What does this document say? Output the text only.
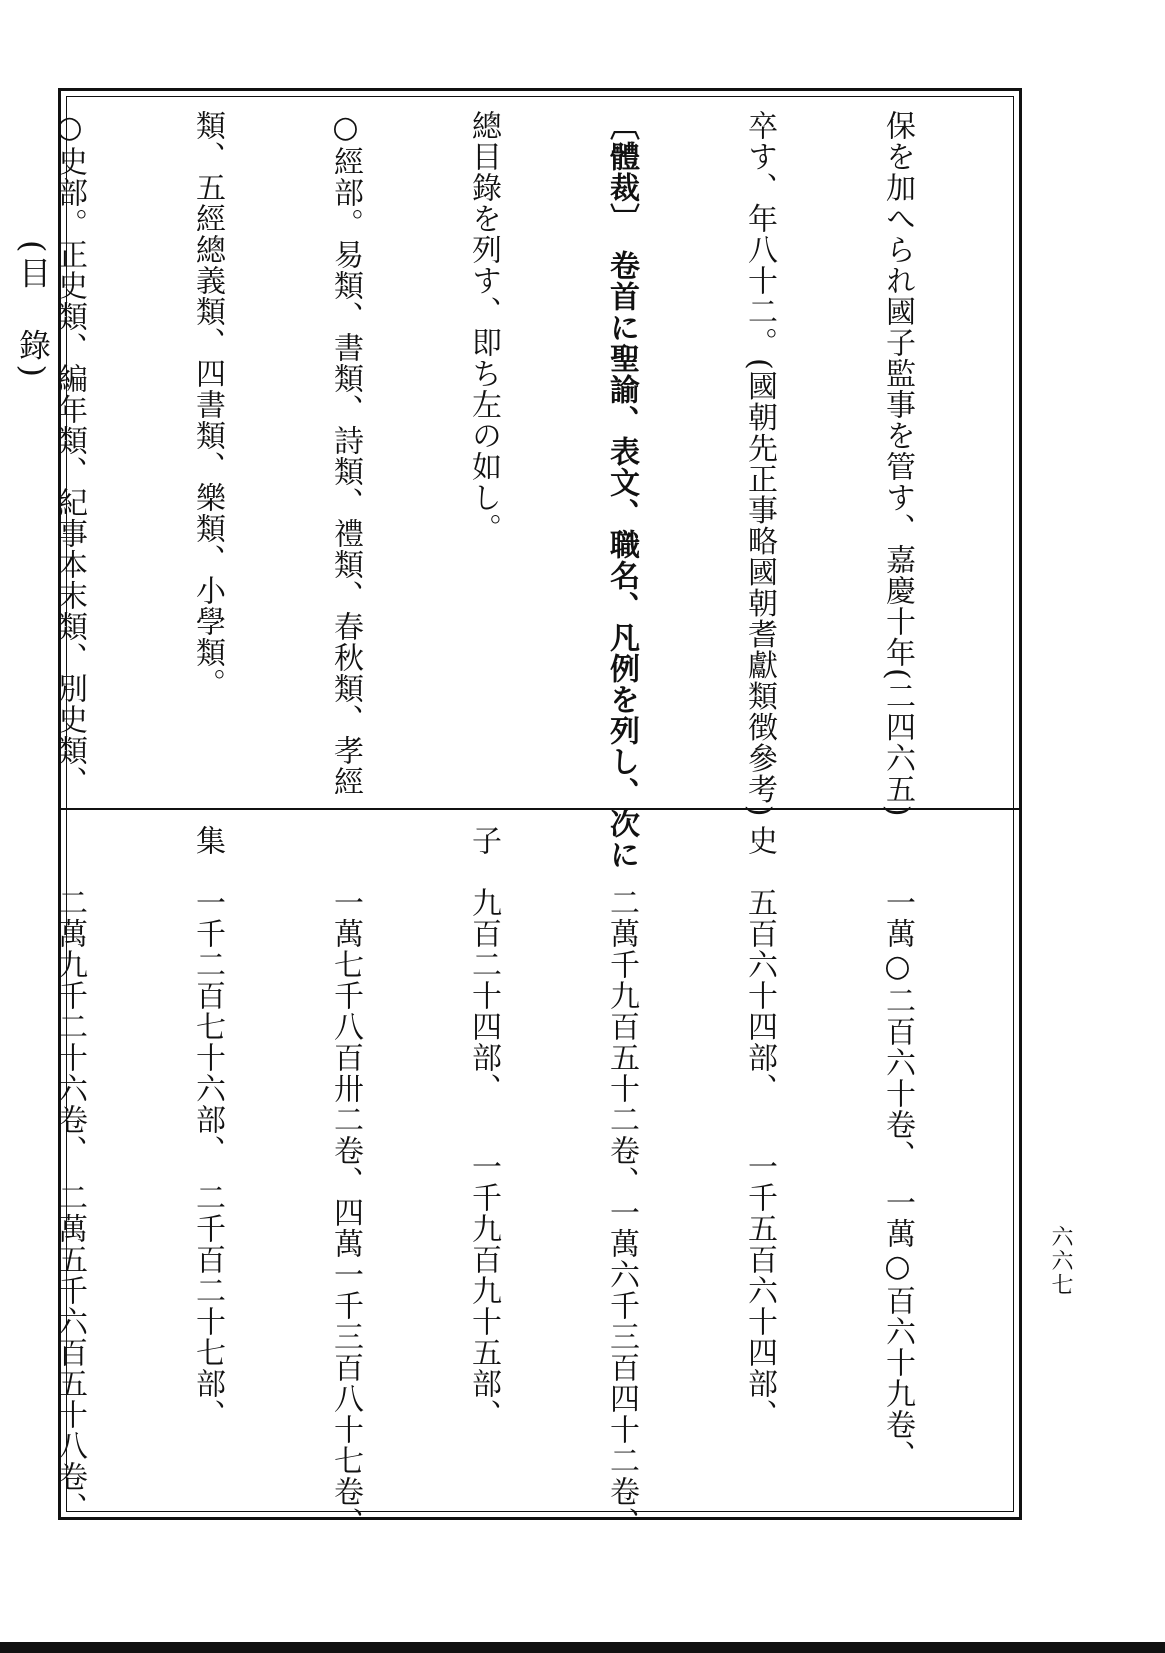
(目　錄)
六六七

保を加へられ國子監事を管す、嘉慶十年(二四六五)

卒す、年八十二。(國朝先正事略國朝耆獻類徴參考)

〔體裁〕　卷首に聖諭、表文、職名、凡例を列し、次に

總目錄を列す、即ち左の如し。

○經部。易類、書類、詩類、禮類、春秋類、孝經

類、五經總義類、四書類、樂類、小學類。

○史部。正史類、編年類、紀事本末類、別史類、

　　一萬○二百六十卷、　一萬○百六十九卷、

史　五百六十四部、　　一千五百六十四部、

　　二萬千九百五十二卷、一萬六千三百四十二卷、

子　九百二十四部、　　一千九百九十五部、

　　一萬七千八百卅二卷、四萬一千三百八十七卷、

集　一千二百七十六部、　二千百二十七部、

　　二萬九千二十六卷、　二萬五千六百五十八卷、
